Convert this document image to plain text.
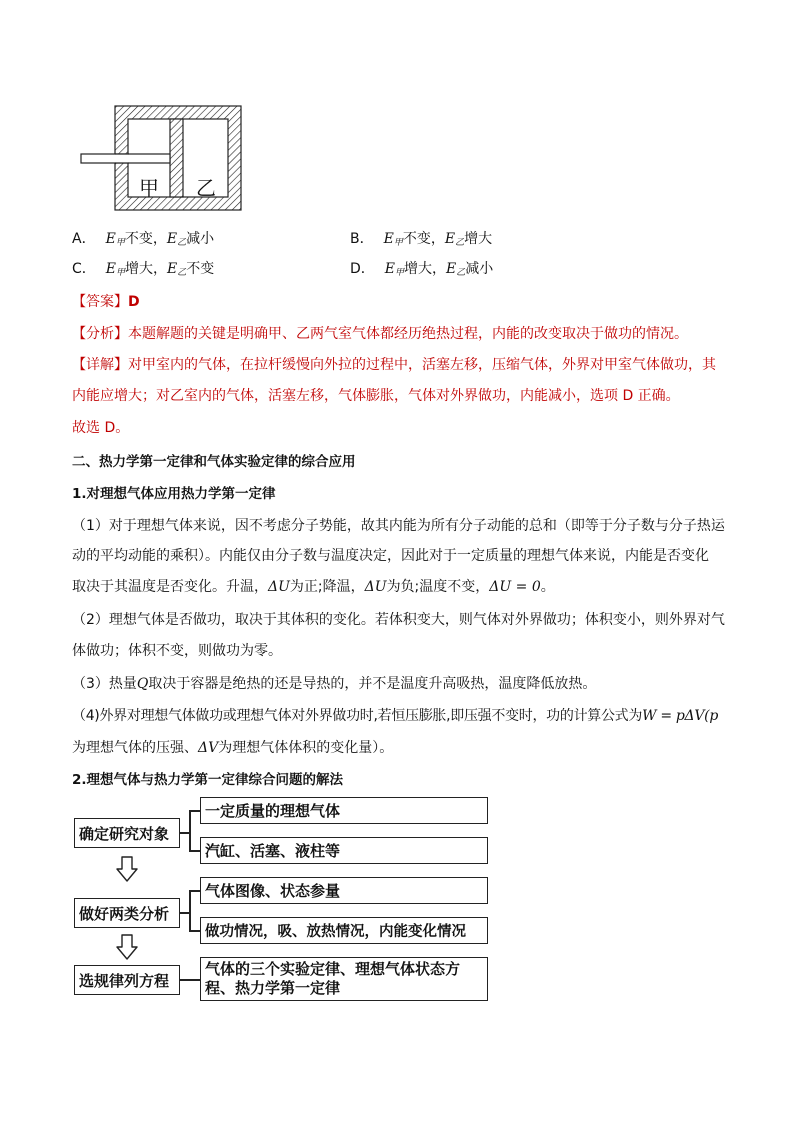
甲 乙
A． $E_甲$不变，$E_乙$减小	B． $E_甲$不变，$E_乙$增大
C． $E_甲$增大，$E_乙$不变	D． $E_甲$增大，$E_乙$减小
【答案】D
【分析】本题解题的关键是明确甲、乙两气室气体都经历绝热过程，内能的改变取决于做功的情况。
【详解】对甲室内的气体，在拉杆缓慢向外拉的过程中，活塞左移，压缩气体，外界对甲室气体做功，其
内能应增大；对乙室内的气体，活塞左移，气体膨胀，气体对外界做功，内能减小，选项 D 正确。
故选 D。
二、热力学第一定律和气体实验定律的综合应用
1.对理想气体应用热力学第一定律
（1）对于理想气体来说，因不考虑分子势能，故其内能为所有分子动能的总和（即等于分子数与分子热运
动的平均动能的乘积）。内能仅由分子数与温度决定，因此对于一定质量的理想气体来说，内能是否变化
取决于其温度是否变化。升温，ΔU为正;降温，ΔU为负;温度不变，ΔU = 0。
（2）理想气体是否做功，取决于其体积的变化。若体积变大，则气体对外界做功；体积变小，则外界对气
体做功；体积不变，则做功为零。
（3）热量Q取决于容器是绝热的还是导热的，并不是温度升高吸热，温度降低放热。
（4)外界对理想气体做功或理想气体对外界做功时,若恒压膨胀,即压强不变时，功的计算公式为W = pΔV(p
为理想气体的压强、ΔV为理想气体体积的变化量）。
2.理想气体与热力学第一定律综合问题的解法
确定研究对象
做好两类分析
选规律列方程
一定质量的理想气体
汽缸、活塞、液柱等
气体图像、状态参量
做功情况，吸、放热情况，内能变化情况
气体的三个实验定律、理想气体状态方
程、热力学第一定律
